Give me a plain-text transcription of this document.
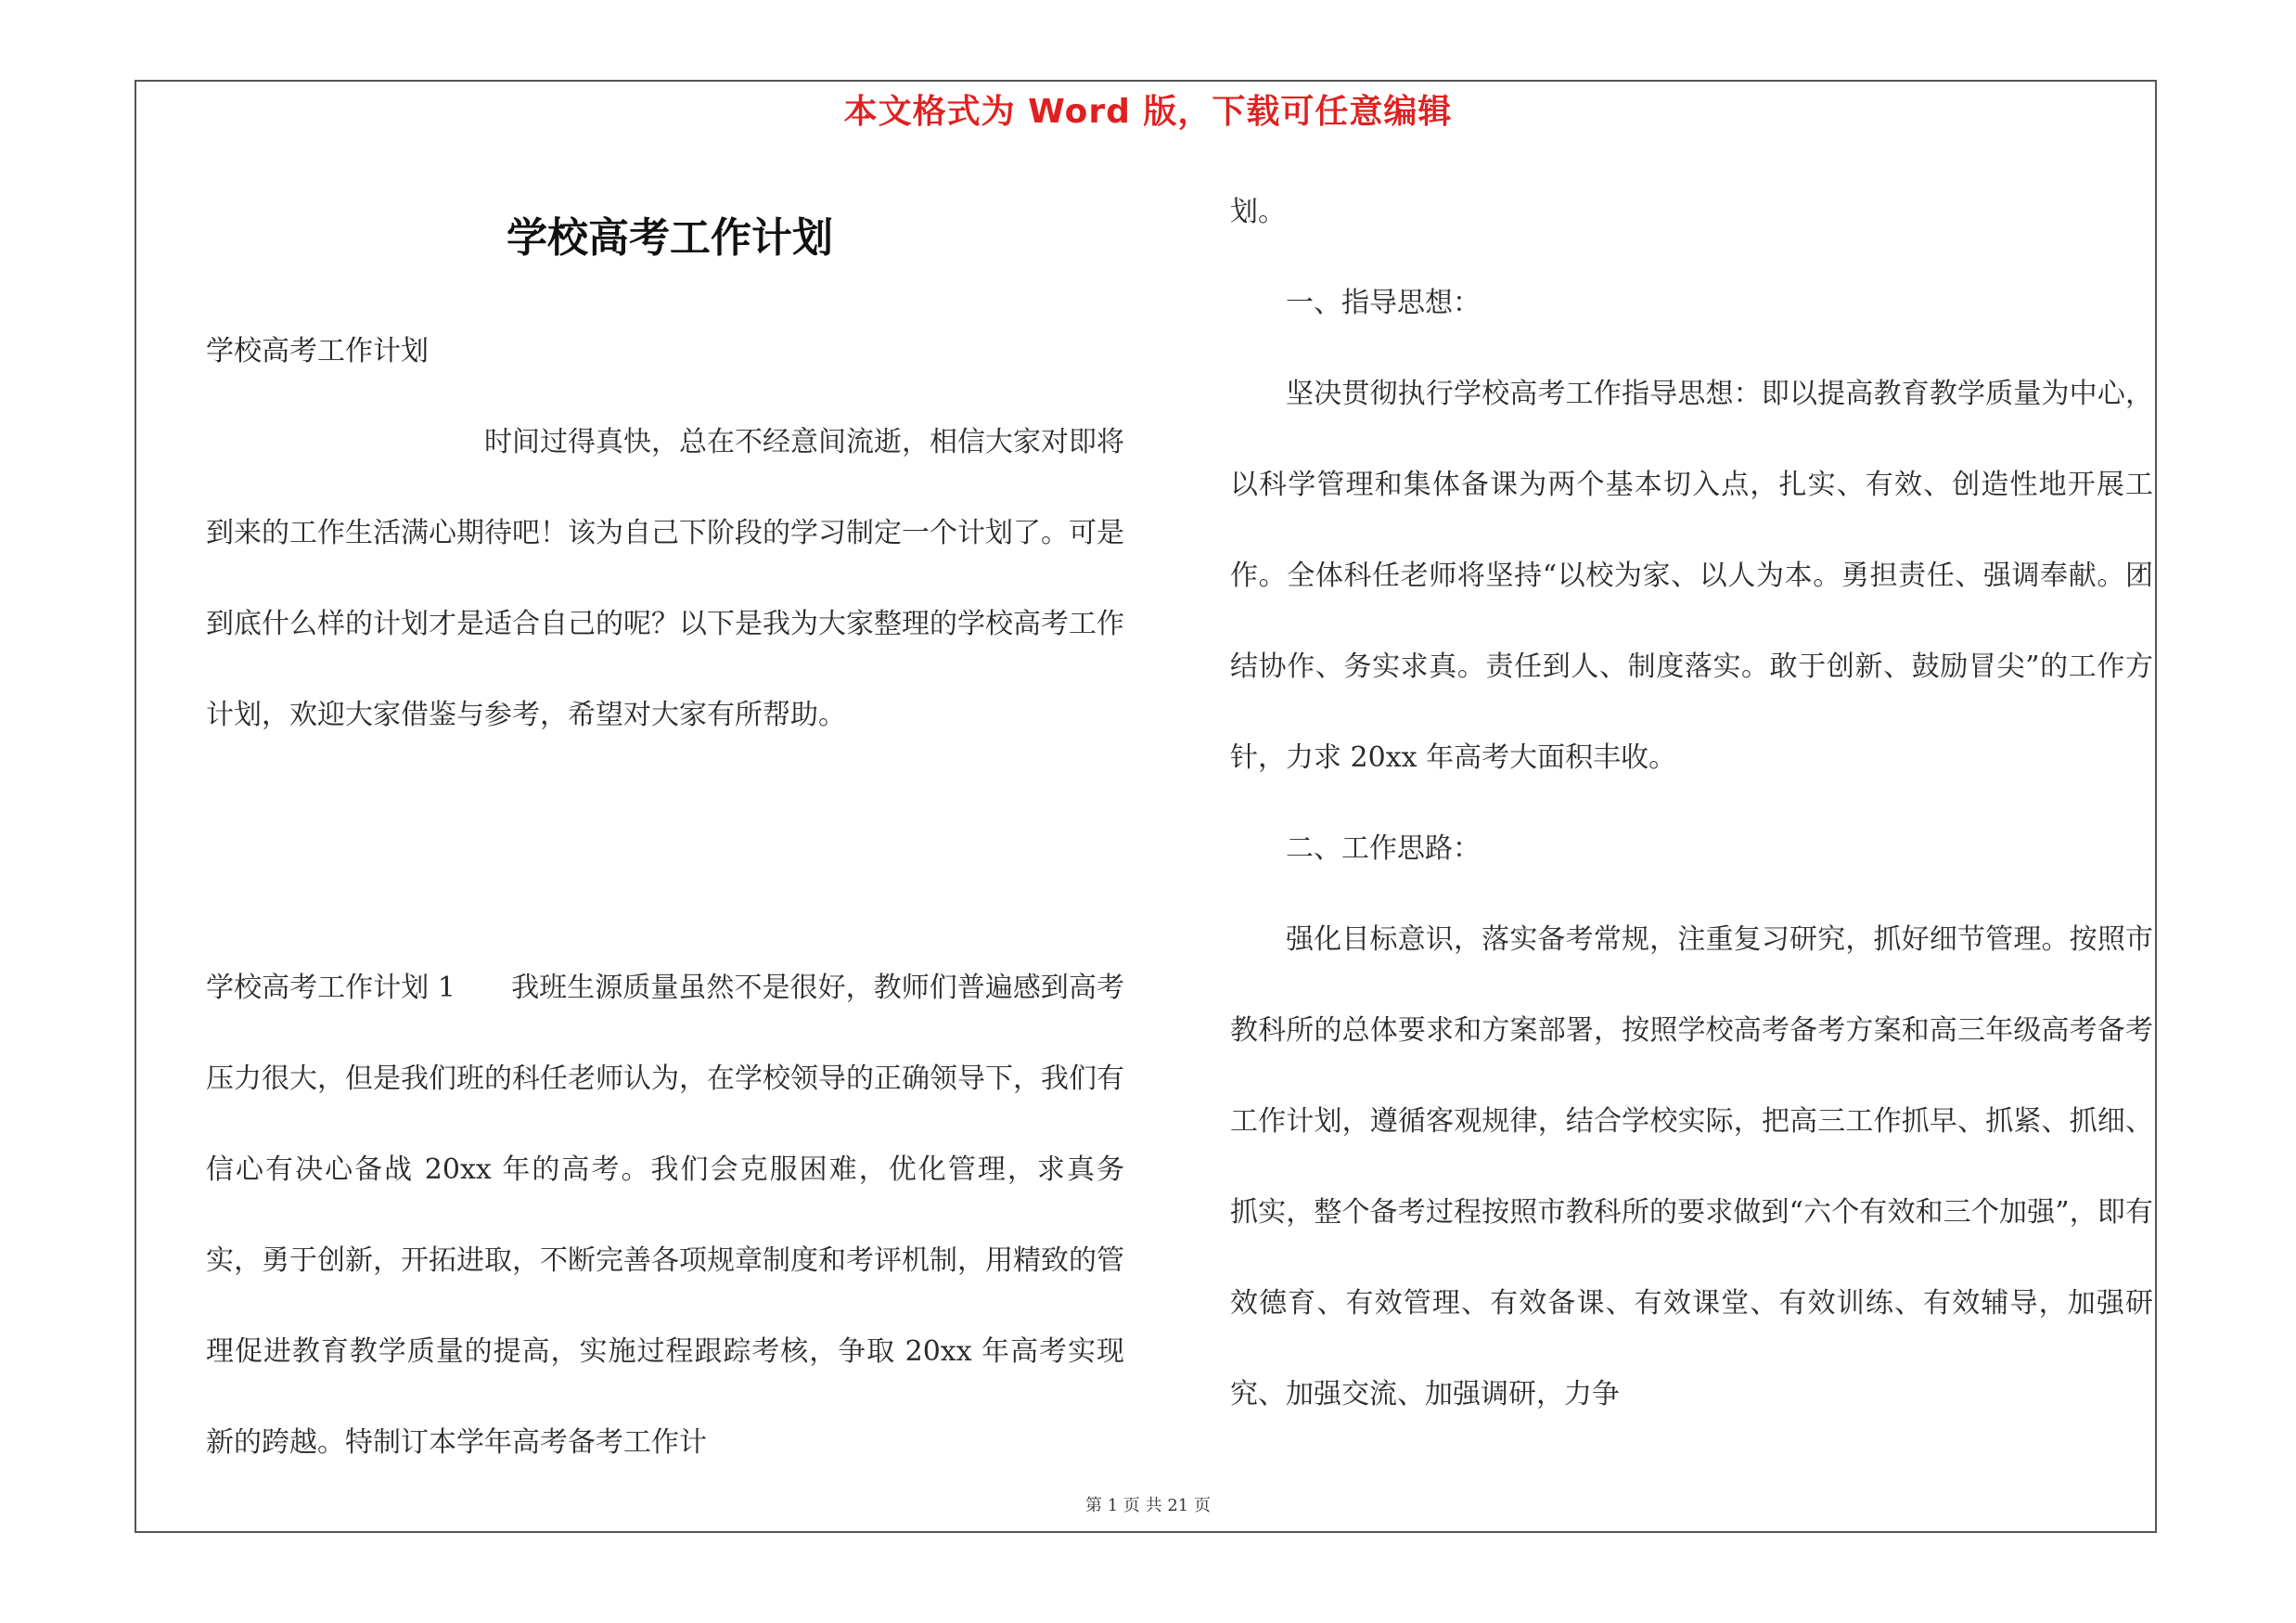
本文格式为 Word 版，下载可任意编辑
学校高考工作计划
学校高考工作计划

时间过得真快，总在不经意间流逝，相信大家对即将到来的工作生活满心期待吧！该为自己下阶段的学习制定一个计划了。可是到底什么样的计划才是适合自己的呢？以下是我为大家整理的学校高考工作计划，欢迎大家借鉴与参考，希望对大家有所帮助。

学校高考工作计划 1　　我班生源质量虽然不是很好，教师们普遍感到高考压力很大，但是我们班的科任老师认为，在学校领导的正确领导下，我们有信心有决心备战 20xx 年的高考。我们会克服困难，优化管理，求真务实，勇于创新，开拓进取，不断完善各项规章制度和考评机制，用精致的管理促进教育教学质量的提高，实施过程跟踪考核，争取 20xx 年高考实现新的跨越。特制订本学年高考备考工作计

划。

一、指导思想：

坚决贯彻执行学校高考工作指导思想：即以提高教育教学质量为中心，以科学管理和集体备课为两个基本切入点，扎实、有效、创造性地开展工作。全体科任老师将坚持“以校为家、以人为本。勇担责任、强调奉献。团结协作、务实求真。责任到人、制度落实。敢于创新、鼓励冒尖”的工作方针，力求 20xx 年高考大面积丰收。

二、工作思路：

强化目标意识，落实备考常规，注重复习研究，抓好细节管理。按照市教科所的总体要求和方案部署，按照学校高考备考方案和高三年级高考备考工作计划，遵循客观规律，结合学校实际，把高三工作抓早、抓紧、抓细、抓实，整个备考过程按照市教科所的要求做到“六个有效和三个加强”，即有效德育、有效管理、有效备课、有效课堂、有效训练、有效辅导，加强研究、加强交流、加强调研，力争

第 1 页 共 21 页
